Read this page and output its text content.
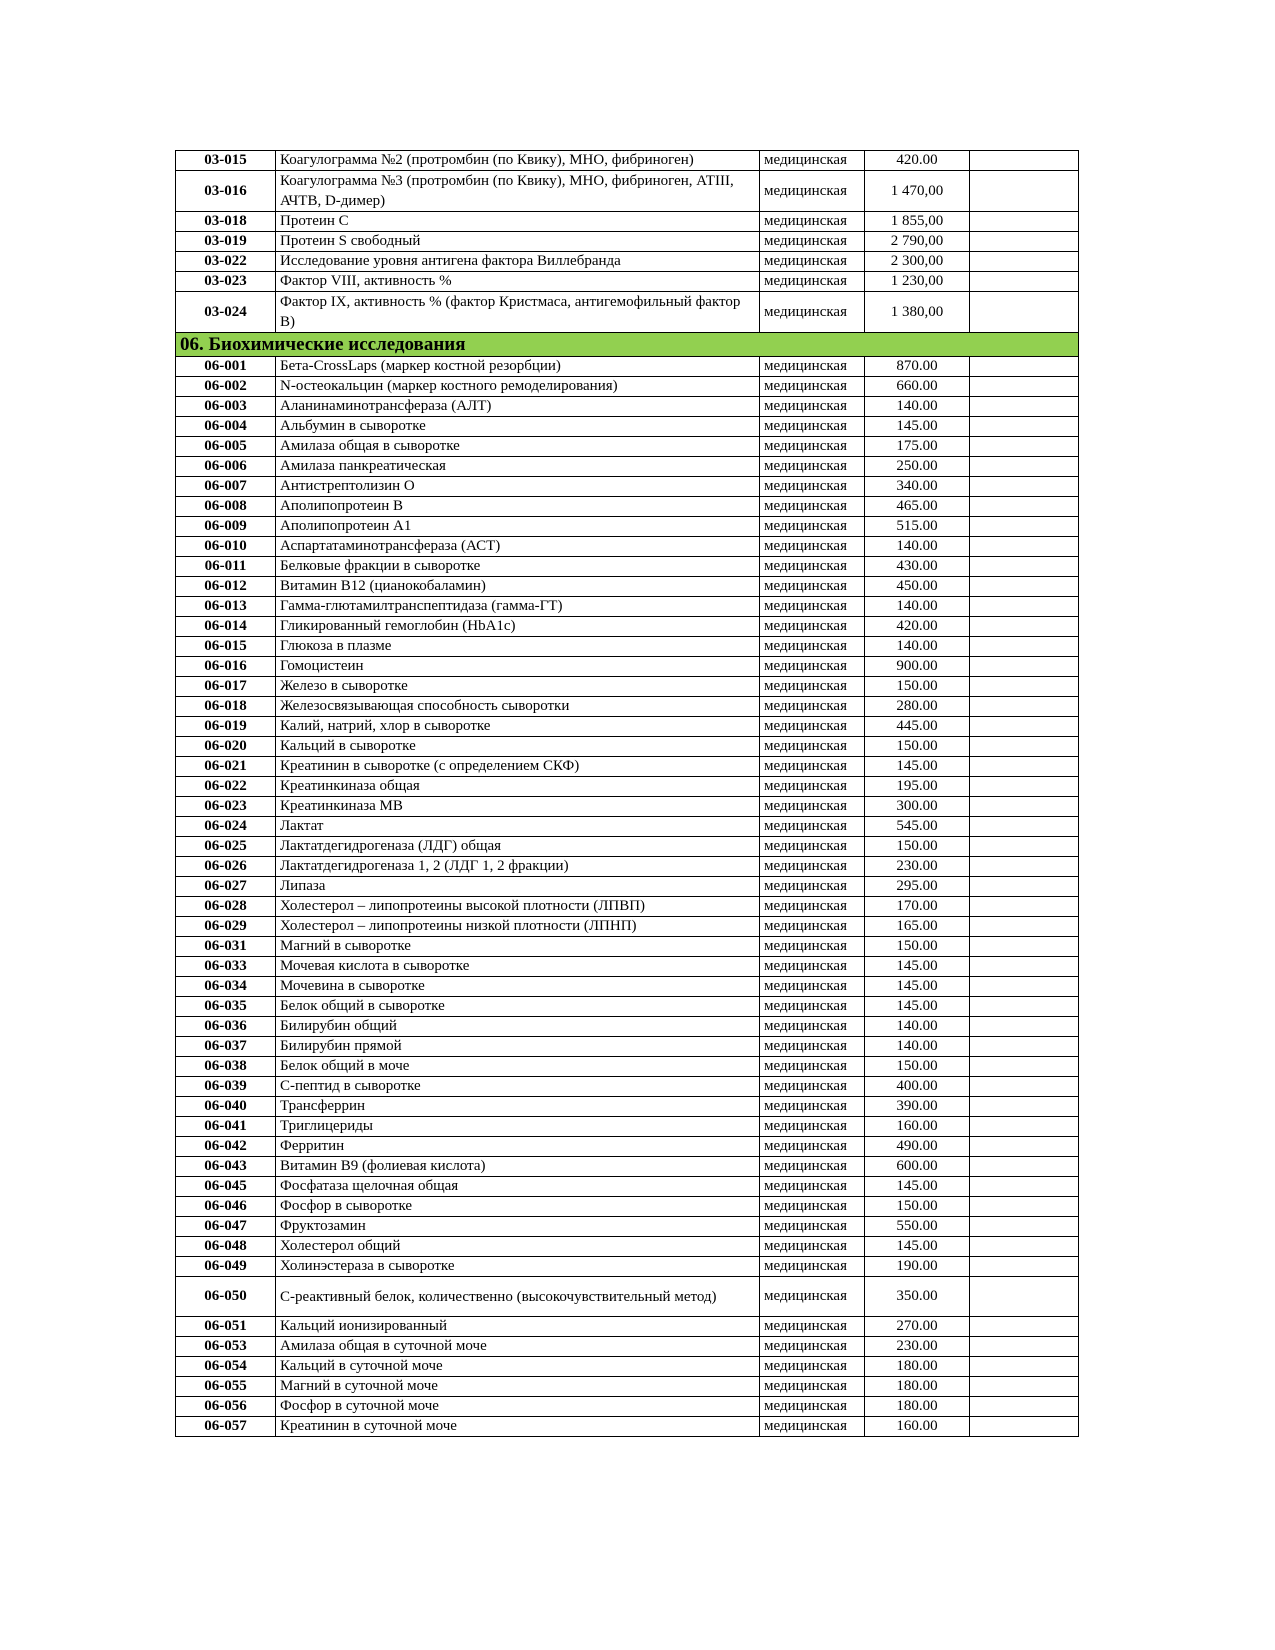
03-015	Коагулограмма №2 (протромбин (по Квику), МНО, фибриноген)	медицинская	420.00	
03-016	Коагулограмма №3 (протромбин (по Квику), МНО, фибриноген, АТIII, АЧТВ, D-димер)	медицинская	1 470,00	
03-018	Протеин С	медицинская	1 855,00	
03-019	Протеин S свободный	медицинская	2 790,00	
03-022	Исследование уровня антигена фактора Виллебранда	медицинская	2 300,00	
03-023	Фактор VIII, активность %	медицинская	1 230,00	
03-024	Фактор IX, активность % (фактор Кристмаса, антигемофильный фактор В)	медицинская	1 380,00	
06. Биохимические исследования				
06-001	Бета-CrossLaps (маркер костной резорбции)	медицинская	870.00	
06-002	N-остеокальцин (маркер костного ремоделирования)	медицинская	660.00	
06-003	Аланинаминотрансфераза (АЛТ)	медицинская	140.00	
06-004	Альбумин в сыворотке	медицинская	145.00	
06-005	Амилаза общая в сыворотке	медицинская	175.00	
06-006	Амилаза панкреатическая	медицинская	250.00	
06-007	Антистрептолизин О	медицинская	340.00	
06-008	Аполипопротеин В	медицинская	465.00	
06-009	Аполипопротеин А1	медицинская	515.00	
06-010	Аспартатаминотрансфераза (АСТ)	медицинская	140.00	
06-011	Белковые фракции в сыворотке	медицинская	430.00	
06-012	Витамин В12 (цианокобаламин)	медицинская	450.00	
06-013	Гамма-глютамилтранспептидаза (гамма-ГТ)	медицинская	140.00	
06-014	Гликированный гемоглобин (HbA1c)	медицинская	420.00	
06-015	Глюкоза в плазме	медицинская	140.00	
06-016	Гомоцистеин	медицинская	900.00	
06-017	Железо в сыворотке	медицинская	150.00	
06-018	Железосвязывающая способность сыворотки	медицинская	280.00	
06-019	Калий, натрий, хлор в сыворотке	медицинская	445.00	
06-020	Кальций в сыворотке	медицинская	150.00	
06-021	Креатинин в сыворотке (с определением СКФ)	медицинская	145.00	
06-022	Креатинкиназа общая	медицинская	195.00	
06-023	Креатинкиназа МВ	медицинская	300.00	
06-024	Лактат	медицинская	545.00	
06-025	Лактатдегидрогеназа (ЛДГ) общая	медицинская	150.00	
06-026	Лактатдегидрогеназа 1, 2 (ЛДГ 1, 2 фракции)	медицинская	230.00	
06-027	Липаза	медицинская	295.00	
06-028	Холестерол – липопротеины высокой плотности (ЛПВП)	медицинская	170.00	
06-029	Холестерол – липопротеины низкой плотности (ЛПНП)	медицинская	165.00	
06-031	Магний в сыворотке	медицинская	150.00	
06-033	Мочевая кислота в сыворотке	медицинская	145.00	
06-034	Мочевина в сыворотке	медицинская	145.00	
06-035	Белок общий в сыворотке	медицинская	145.00	
06-036	Билирубин общий	медицинская	140.00	
06-037	Билирубин прямой	медицинская	140.00	
06-038	Белок общий в моче	медицинская	150.00	
06-039	С-пептид в сыворотке	медицинская	400.00	
06-040	Трансферрин	медицинская	390.00	
06-041	Триглицериды	медицинская	160.00	
06-042	Ферритин	медицинская	490.00	
06-043	Витамин В9 (фолиевая кислота)	медицинская	600.00	
06-045	Фосфатаза щелочная общая	медицинская	145.00	
06-046	Фосфор в сыворотке	медицинская	150.00	
06-047	Фруктозамин	медицинская	550.00	
06-048	Холестерол общий	медицинская	145.00	
06-049	Холинэстераза в сыворотке	медицинская	190.00	
06-050	С-реактивный белок, количественно (высокочувствительный метод)	медицинская	350.00	
06-051	Кальций ионизированный	медицинская	270.00	
06-053	Амилаза общая в суточной моче	медицинская	230.00	
06-054	Кальций в суточной моче	медицинская	180.00	
06-055	Магний в суточной моче	медицинская	180.00	
06-056	Фосфор в суточной моче	медицинская	180.00	
06-057	Креатинин в суточной моче	медицинская	160.00	
